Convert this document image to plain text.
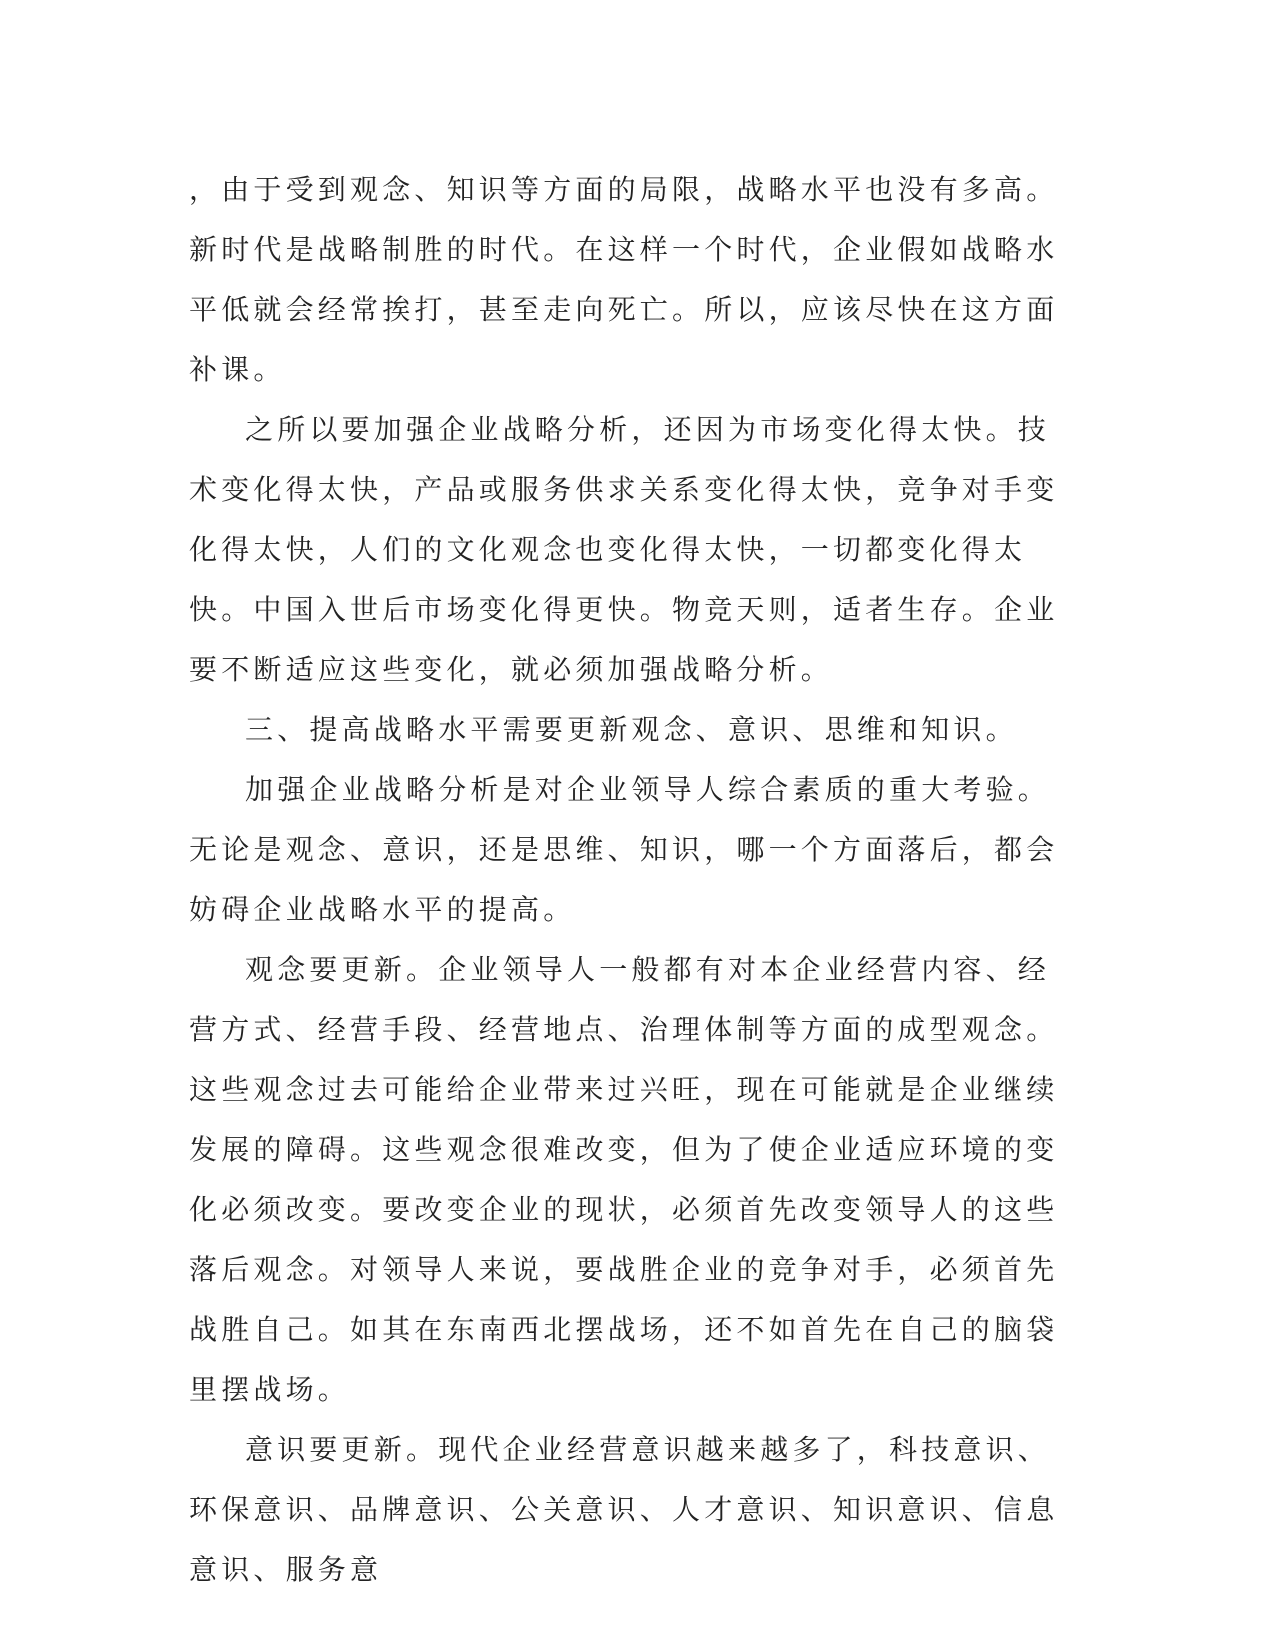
，由于受到观念、知识等方面的局限，战略水平也没有多高。新时代是战略制胜的时代。在这样一个时代，企业假如战略水平低就会经常挨打，甚至走向死亡。所以，应该尽快在这方面补课。

之所以要加强企业战略分析，还因为市场变化得太快。技术变化得太快，产品或服务供求关系变化得太快，竞争对手变化得太快，人们的文化观念也变化得太快，一切都变化得太快。中国入世后市场变化得更快。物竞天则，适者生存。企业要不断适应这些变化，就必须加强战略分析。

三、提高战略水平需要更新观念、意识、思维和知识。

加强企业战略分析是对企业领导人综合素质的重大考验。无论是观念、意识，还是思维、知识，哪一个方面落后，都会妨碍企业战略水平的提高。

观念要更新。企业领导人一般都有对本企业经营内容、经营方式、经营手段、经营地点、治理体制等方面的成型观念。这些观念过去可能给企业带来过兴旺，现在可能就是企业继续发展的障碍。这些观念很难改变，但为了使企业适应环境的变化必须改变。要改变企业的现状，必须首先改变领导人的这些落后观念。对领导人来说，要战胜企业的竞争对手，必须首先战胜自己。如其在东南西北摆战场，还不如首先在自己的脑袋里摆战场。

意识要更新。现代企业经营意识越来越多了，科技意识、环保意识、品牌意识、公关意识、人才意识、知识意识、信息意识、服务意
